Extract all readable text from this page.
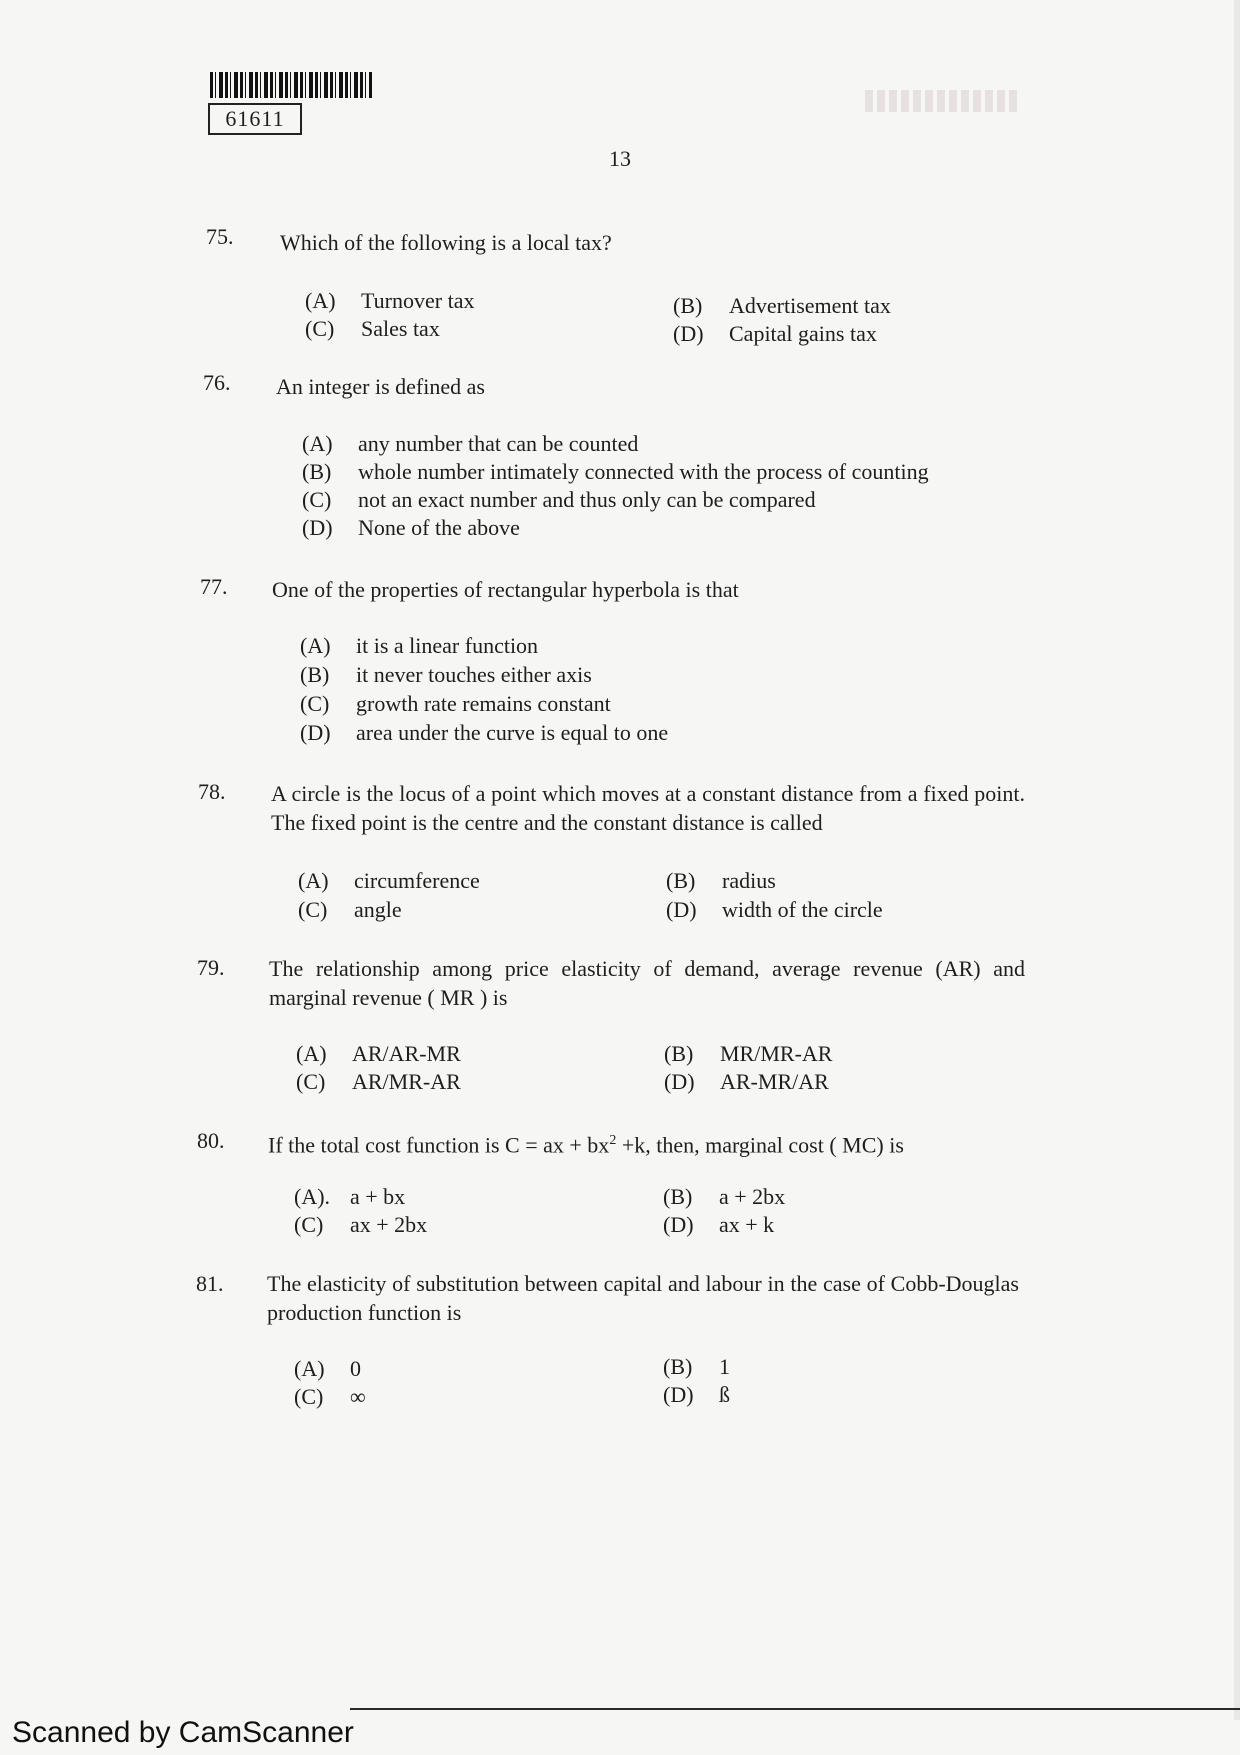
61611
13
75. Which of the following is a local tax?
(A) Turnover tax	(B) Advertisement tax
(C) Sales tax	(D) Capital gains tax
76. An integer is defined as
(A) any number that can be counted
(B) whole number intimately connected with the process of counting
(C) not an exact number and thus only can be compared
(D) None of the above
77. One of the properties of rectangular hyperbola is that
(A) it is a linear function
(B) it never touches either axis
(C) growth rate remains constant
(D) area under the curve is equal to one
78. A circle is the locus of a point which moves at a constant distance from a fixed point. The fixed point is the centre and the constant distance is called
(A) circumference	(B) radius
(C) angle	(D) width of the circle
79. The relationship among price elasticity of demand, average revenue (AR) and marginal revenue ( MR ) is
(A) AR/AR-MR	(B) MR/MR-AR
(C) AR/MR-AR	(D) AR-MR/AR
80. If the total cost function is C = ax + $bx^2 +k$, then, marginal cost ( MC) is
(A). a + bx	(B) a + 2bx
(C) ax + 2bx	(D) ax + k
81. The elasticity of substitution between capital and labour in the case of Cobb-Douglas production function is
(A) 0	(B) 1
(C) ∞	(D) ß
Scanned by CamScanner
